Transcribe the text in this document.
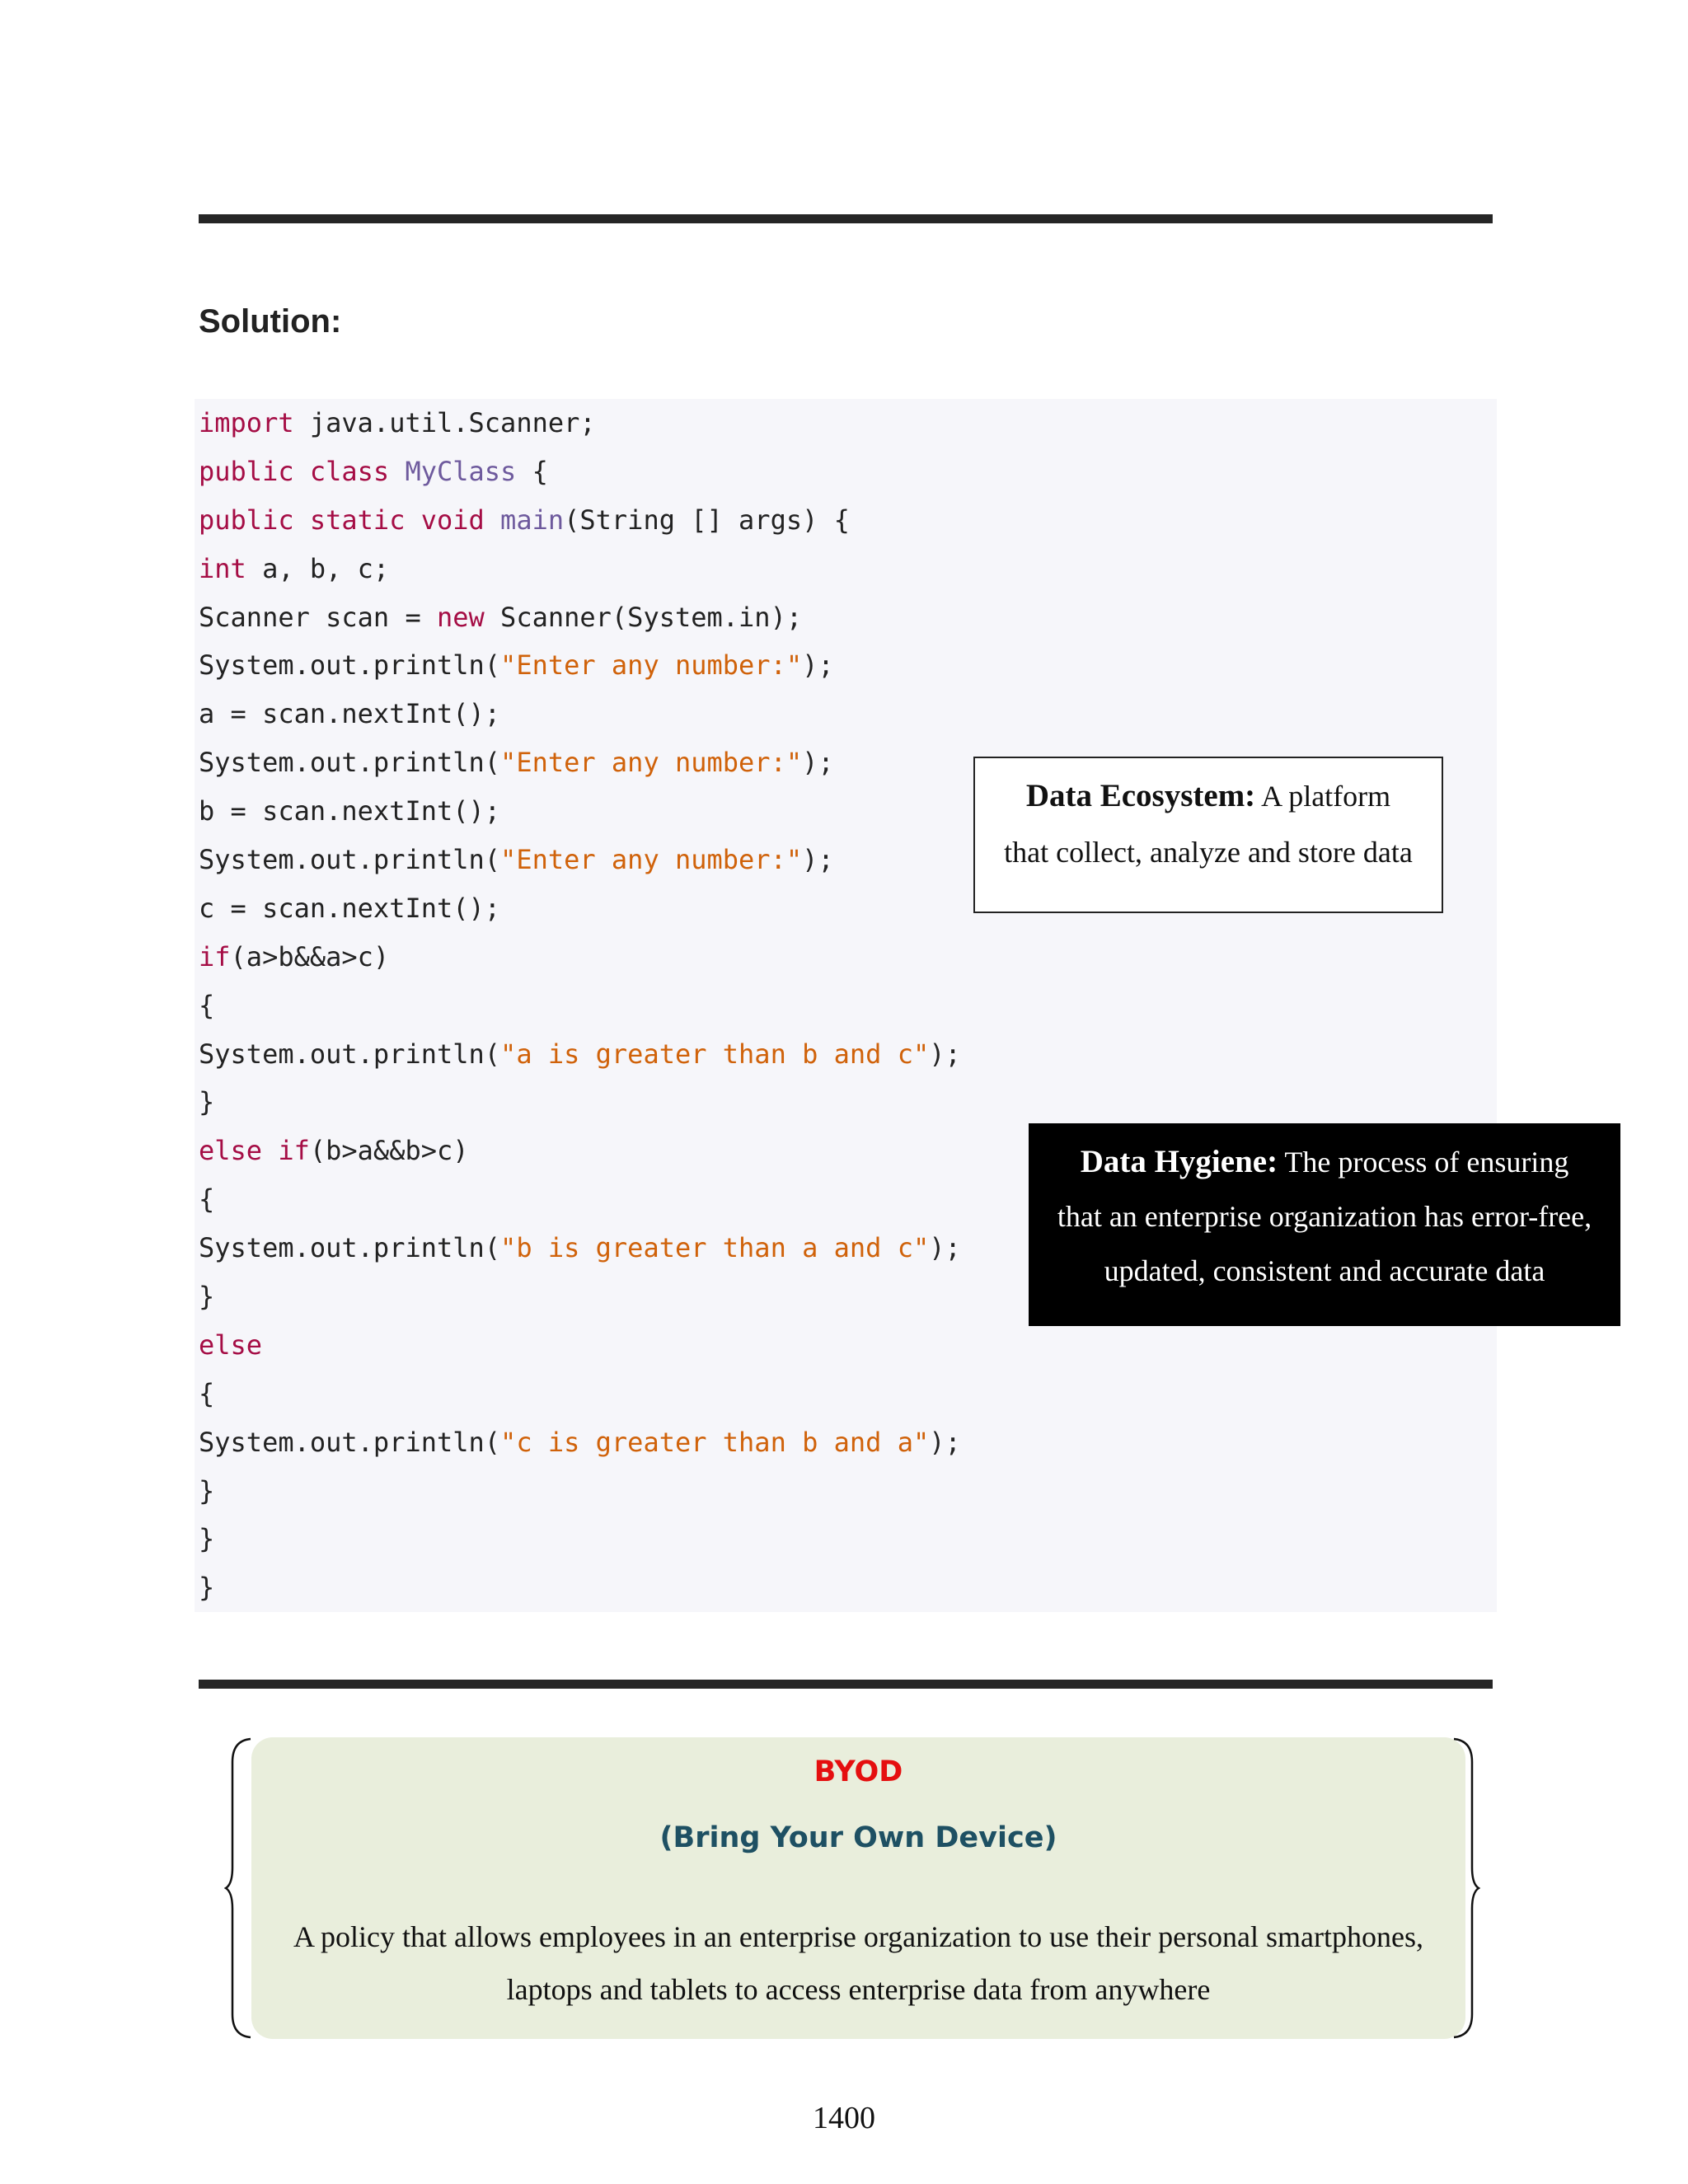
Solution:
import java.util.Scanner;
public class MyClass {
public static void main(String [] args) {
int a, b, c;
Scanner scan = new Scanner(System.in);
System.out.println("Enter any number:");
a = scan.nextInt();
System.out.println("Enter any number:");
b = scan.nextInt();
System.out.println("Enter any number:");
c = scan.nextInt();
if(a>b&&a>c)
{
System.out.println("a is greater than b and c");
}
else if(b>a&&b>c)
{
System.out.println("b is greater than a and c");
}
else
{
System.out.println("c is greater than b and a");
}
}
}
Data Ecosystem: A platform
that collect, analyze and store data
Data Hygiene: The process of ensuring
that an enterprise organization has error-free,
updated, consistent and accurate data
BYOD
(Bring Your Own Device)
A policy that allows employees in an enterprise organization to use their personal smartphones,
laptops and tablets to access enterprise data from anywhere
1400
